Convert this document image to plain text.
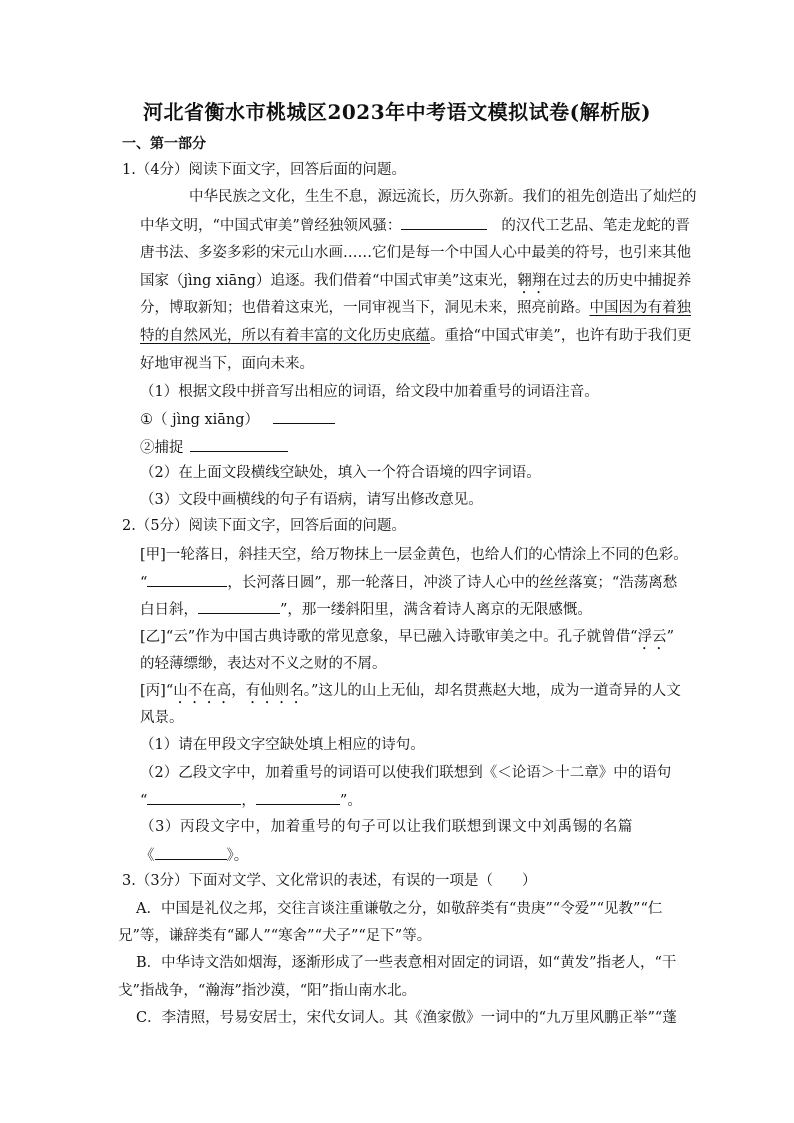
河北省衡水市桃城区2023年中考语文模拟试卷(解析版)
一、第一部分
1.（4分）阅读下面文字，回答后面的问题。
中华民族之文化，生生不息，源远流长，历久弥新。我们的祖先创造出了灿烂的
中华文明，“中国式审美”曾经独领风骚：	的汉代工艺品、笔走龙蛇的晋
唐书法、多姿多彩的宋元山水画……它们是每一个中国人心中最美的符号，也引来其他
国家（jìng xiāng）追逐。我们借着“中国式审美”这束光，翱翔在过去的历史中捕捉养
分，博取新知；也借着这束光，一同审视当下，洞见未来，照亮前路。中国因为有着独
特的自然风光，所以有着丰富的文化历史底蕴。重拾“中国式审美”，也许有助于我们更
好地审视当下，面向未来。
（1）根据文段中拼音写出相应的词语，给文段中加着重号的词语注音。
①（ jìng xiāng）
②捕捉
（2）在上面文段横线空缺处，填入一个符合语境的四字词语。
（3）文段中画横线的句子有语病，请写出修改意见。
2.（5分）阅读下面文字，回答后面的问题。
[甲]一轮落日，斜挂天空，给万物抹上一层金黄色，也给人们的心情涂上不同的色彩。
“	，长河落日圆”，那一轮落日，冲淡了诗人心中的丝丝落寞；“浩荡离愁
白日斜，	”，那一缕斜阳里，满含着诗人离京的无限感慨。
[乙]“云”作为中国古典诗歌的常见意象，早已融入诗歌审美之中。孔子就曾借“浮云”
的轻薄缥缈，表达对不义之财的不屑。
[丙]“山不在高，有仙则名。”这儿的山上无仙，却名贯燕赵大地，成为一道奇异的人文
风景。
（1）请在甲段文字空缺处填上相应的诗句。
（2）乙段文字中，加着重号的词语可以使我们联想到《＜论语＞十二章》中的语句
“	，	”。
（3）丙段文字中，加着重号的句子可以让我们联想到课文中刘禹锡的名篇
《	》。
3.（3分）下面对文学、文化常识的表述，有误的一项是（　　）
A．中国是礼仪之邦，交往言谈注重谦敬之分，如敬辞类有“贵庚”“令爱”“见教”“仁
兄”等，谦辞类有“鄙人”“寒舍”“犬子”“足下”等。
B．中华诗文浩如烟海，逐渐形成了一些表意相对固定的词语，如“黄发”指老人，“干
戈”指战争，“瀚海”指沙漠，“阳”指山南水北。
C．李清照，号易安居士，宋代女词人。其《渔家傲》一词中的“九万里风鹏正举”“蓬
